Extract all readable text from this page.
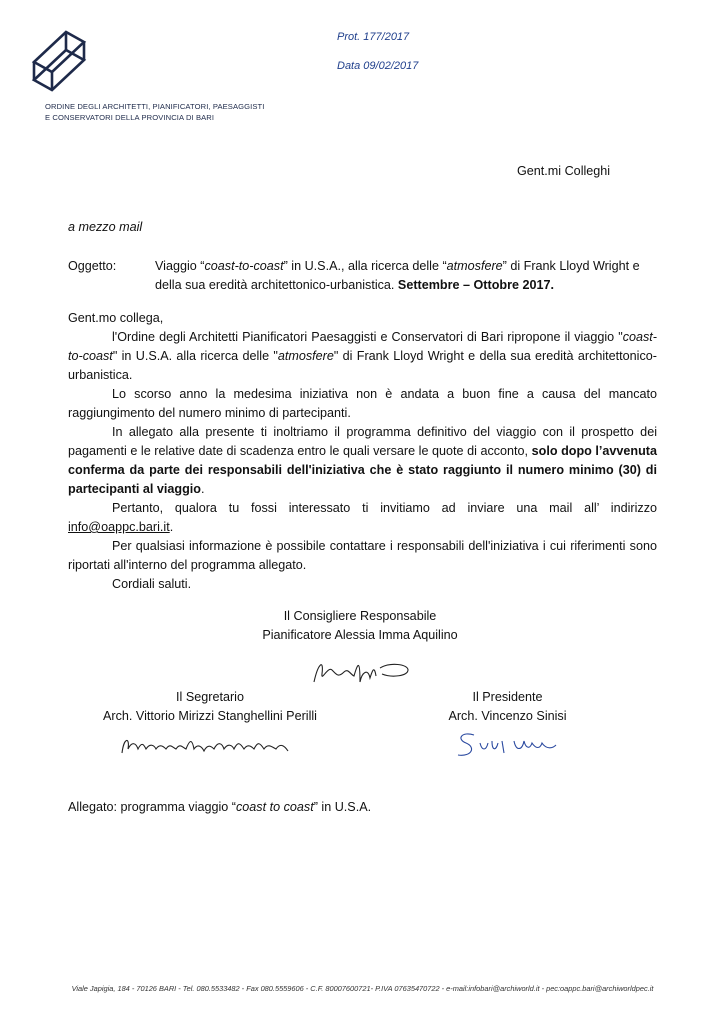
ORDINE DEGLI ARCHITETTI, PIANIFICATORI, PAESAGGISTI
E CONSERVATORI DELLA PROVINCIA DI BARI
Prot. 177/2017
Data 09/02/2017
Gent.mi Colleghi
a mezzo mail
Oggetto:	Viaggio “coast-to-coast” in U.S.A., alla ricerca delle “atmosfere” di Frank Lloyd Wright e della sua eredità architettonico-urbanistica. Settembre – Ottobre 2017.

Gent.mo collega,

l'Ordine degli Architetti Pianificatori Paesaggisti e Conservatori di Bari ripropone il viaggio "coast-to-coast" in U.S.A. alla ricerca delle "atmosfere" di Frank Lloyd Wright e della sua eredità architettonico-urbanistica.

Lo scorso anno la medesima iniziativa non è andata a buon fine a causa del mancato raggiungimento del numero minimo di partecipanti.

In allegato alla presente ti inoltriamo il programma definitivo del viaggio con il prospetto dei pagamenti e le relative date di scadenza entro le quali versare le quote di acconto, solo dopo l’avvenuta conferma da parte dei responsabili dell'iniziativa che è stato raggiunto il numero minimo (30) di partecipanti al viaggio.

Pertanto, qualora tu fossi interessato ti invitiamo ad inviare una mail all’ indirizzo info@oappc.bari.it.

Per qualsiasi informazione è possibile contattare i responsabili dell'iniziativa i cui riferimenti sono riportati all'interno del programma allegato.

Cordiali saluti.

Il Consigliere Responsabile
Pianificatore Alessia Imma Aquilino
Il Segretario
Arch. Vittorio Mirizzi Stanghellini Perilli
Il Presidente
Arch. Vincenzo Sinisi
Allegato: programma viaggio “coast to coast” in U.S.A.
Viale Japigia, 184 - 70126 BARI - Tel. 080.5533482 - Fax 080.5559606 - C.F. 80007600721- P.IVA 07635470722 - e-mail:infobari@archiworld.it - pec:oappc.bari@archiworldpec.it
